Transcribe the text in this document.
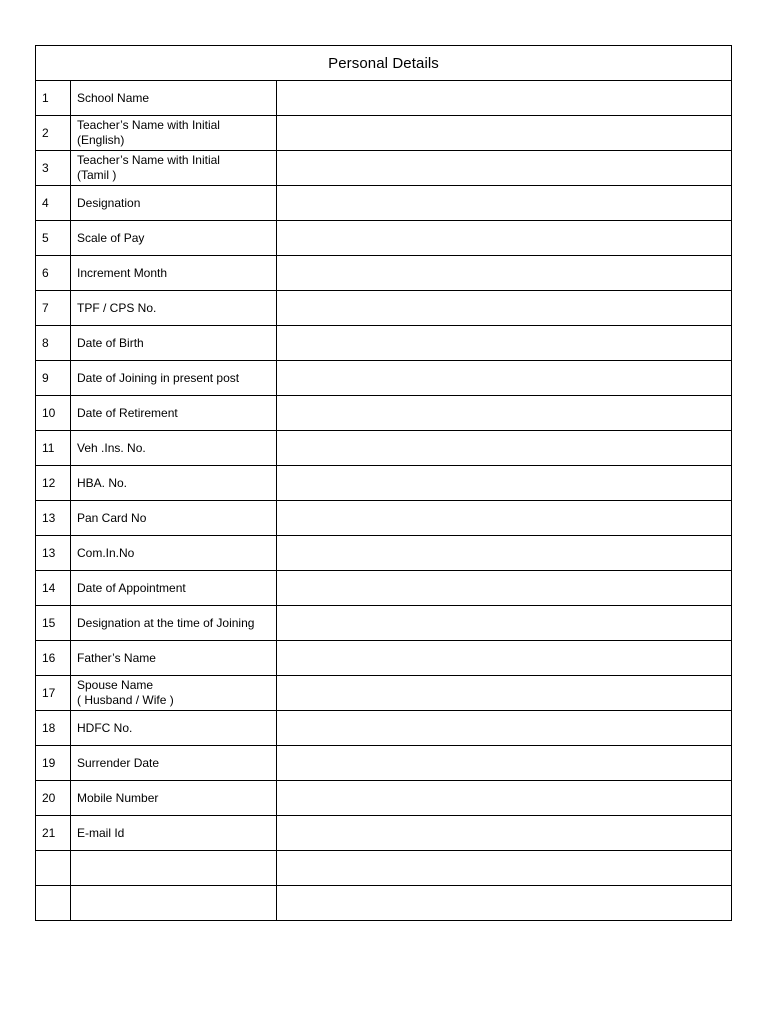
Personal Details		
1	School Name	

2	Teacher’s Name with Initial
(English)	

3	Teacher’s Name with Initial
(Tamil )	

4	Designation	

5	Scale of Pay	

6	Increment Month	

7	TPF / CPS No.	

8	Date of Birth	

9	Date of Joining in present post	

10	Date of Retirement	

11	Veh .Ins. No.	

12	HBA. No.	

13	Pan Card No	

13	Com.In.No	

14	Date of Appointment	

15	Designation at the time of Joining	

16	Father’s Name	

17	Spouse Name
( Husband / Wife )	

18	HDFC No.	

19	Surrender Date	

20	Mobile Number	

21	E-mail Id	
